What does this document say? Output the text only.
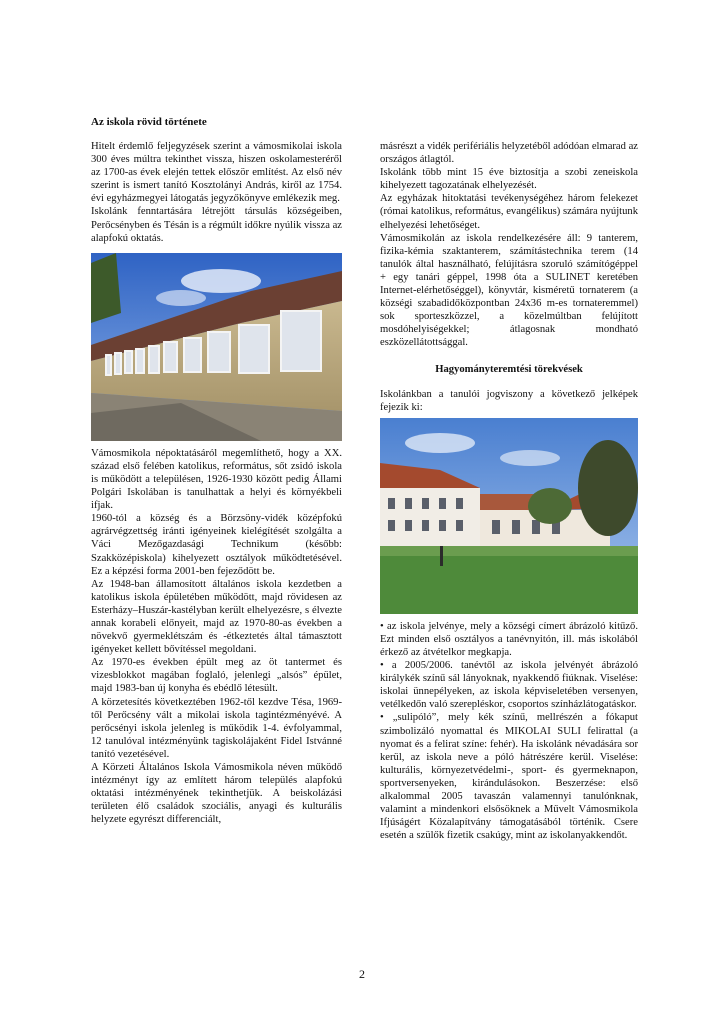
Az iskola rövid története

Hitelt érdemlő feljegyzések szerint a vámosmikolai iskola 300 éves múltra tekinthet vissza, hiszen oskolamesteréről az 1700-as évek elején tettek először említést. Az első név szerint is ismert tanító Kosztolányi András, kiről az 1754. évi egyházmegyei látogatás jegyzőkönyve emlékezik meg.

Iskolánk fenntartására létrejött társulás községeiben, Perőcsényben és Tésán is a régmúlt időkre nyúlik vissza az alapfokú oktatás.

Vámosmikola népoktatásáról megemlíthető, hogy a XX. század első felében katolikus, református, sőt zsidó iskola is működött a településen, 1926-1930 között pedig Állami Polgári Iskolában is tanulhattak a helyi és környékbeli ifjak.

1960-tól a község és a Börzsöny-vidék középfokú agrárvégzettség iránti igényeinek kielégítését szolgálta a Váci Mezőgazdasági Technikum (később: Szakközépiskola) kihelyezett osztályok működtetésével. Ez a képzési forma 2001-ben fejeződött be.

Az 1948-ban államosított általános iskola kezdetben a katolikus iskola épületében működött, majd rövidesen az Esterházy–Huszár-kastélyban került elhelyezésre, s élvezte annak korabeli előnyeit, majd az 1970-80-as években a növekvő gyermeklétszám és -étkeztetés által támasztott igényeket kellett bővítéssel megoldani.

Az 1970-es években épült meg az öt tantermet és vizesblokkot magában foglaló, jelenlegi „alsós” épület, majd 1983-ban új konyha és ebédlő létesült.

A körzetesítés következtében 1962-től kezdve Tésa, 1969-től Perőcsény vált a mikolai iskola tagintézményévé. A perőcsényi iskola jelenleg is működik 1-4. évfolyammal, 12 tanulóval intézményünk tagiskolájaként Fidel Istvánné tanító vezetésével.

A Körzeti Általános Iskola Vámosmikola néven működő intézményt így az említett három település alapfokú oktatási intézményének tekinthetjük. A beiskolázási területen élő családok szociális, anyagi és kulturális helyzete egyrészt differenciált,

másrészt a vidék perifériális helyzetéből adódóan elmarad az országos átlagtól.

Iskolánk több mint 15 éve biztosítja a szobi zeneiskola kihelyezett tagozatának elhelyezését.

Az egyházak hitoktatási tevékenységéhez három felekezet (római katolikus, református, evangélikus) számára nyújtunk elhelyezési lehetőséget.

Vámosmikolán az iskola rendelkezésére áll: 9 tanterem, fizika-kémia szaktanterem, számítástechnika terem (14 tanulók által használható, felújításra szoruló számítógéppel + egy tanári géppel, 1998 óta a SULINET keretében Internet-elérhetőséggel), könyvtár, kisméretű tornaterem (a községi szabadidőközpontban 24x36 m-es tornateremmel) sok sporteszközzel, a közelmúltban felújított mosdóhelyiségekkel; átlagosnak mondható eszközellátottsággal.

Hagyományteremtési törekvések

Iskolánkban a tanulói jogviszony a következő jelképek fejezik ki:

• az iskola jelvénye, mely a községi címert ábrázoló kitűző. Ezt minden első osztályos a tanévnyitón, ill. más iskolából érkező az átvételkor megkapja.

• a 2005/2006. tanévtől az iskola jelvényét ábrázoló királykék színű sál lányoknak, nyakkendő fiúknak. Viselése: iskolai ünnepélyeken, az iskola képviseletében versenyen, vetélkedőn való szerepléskor, csoportos színházlátogatáskor.

• „sulipóló”, mely kék színű, mellrészén a fókaput szimbolizáló nyomattal és MIKOLAI SULI felirattal (a nyomat és a felirat színe: fehér). Ha iskolánk névadására sor kerül, az iskola neve a póló hátrészére kerül. Viselése: kulturális, környezetvédelmi-, sport- és gyermeknapon, sportversenyeken, kirándulásokon. Beszerzése: első alkalommal 2005 tavaszán valamennyi tanulónknak, valamint a mindenkori elsősöknek a Művelt Vámosmikola Ifjúságért Közalapítvány támogatásából történik. Csere esetén a szülők fizetik csakúgy, mint az iskolanyakkendőt.

2
